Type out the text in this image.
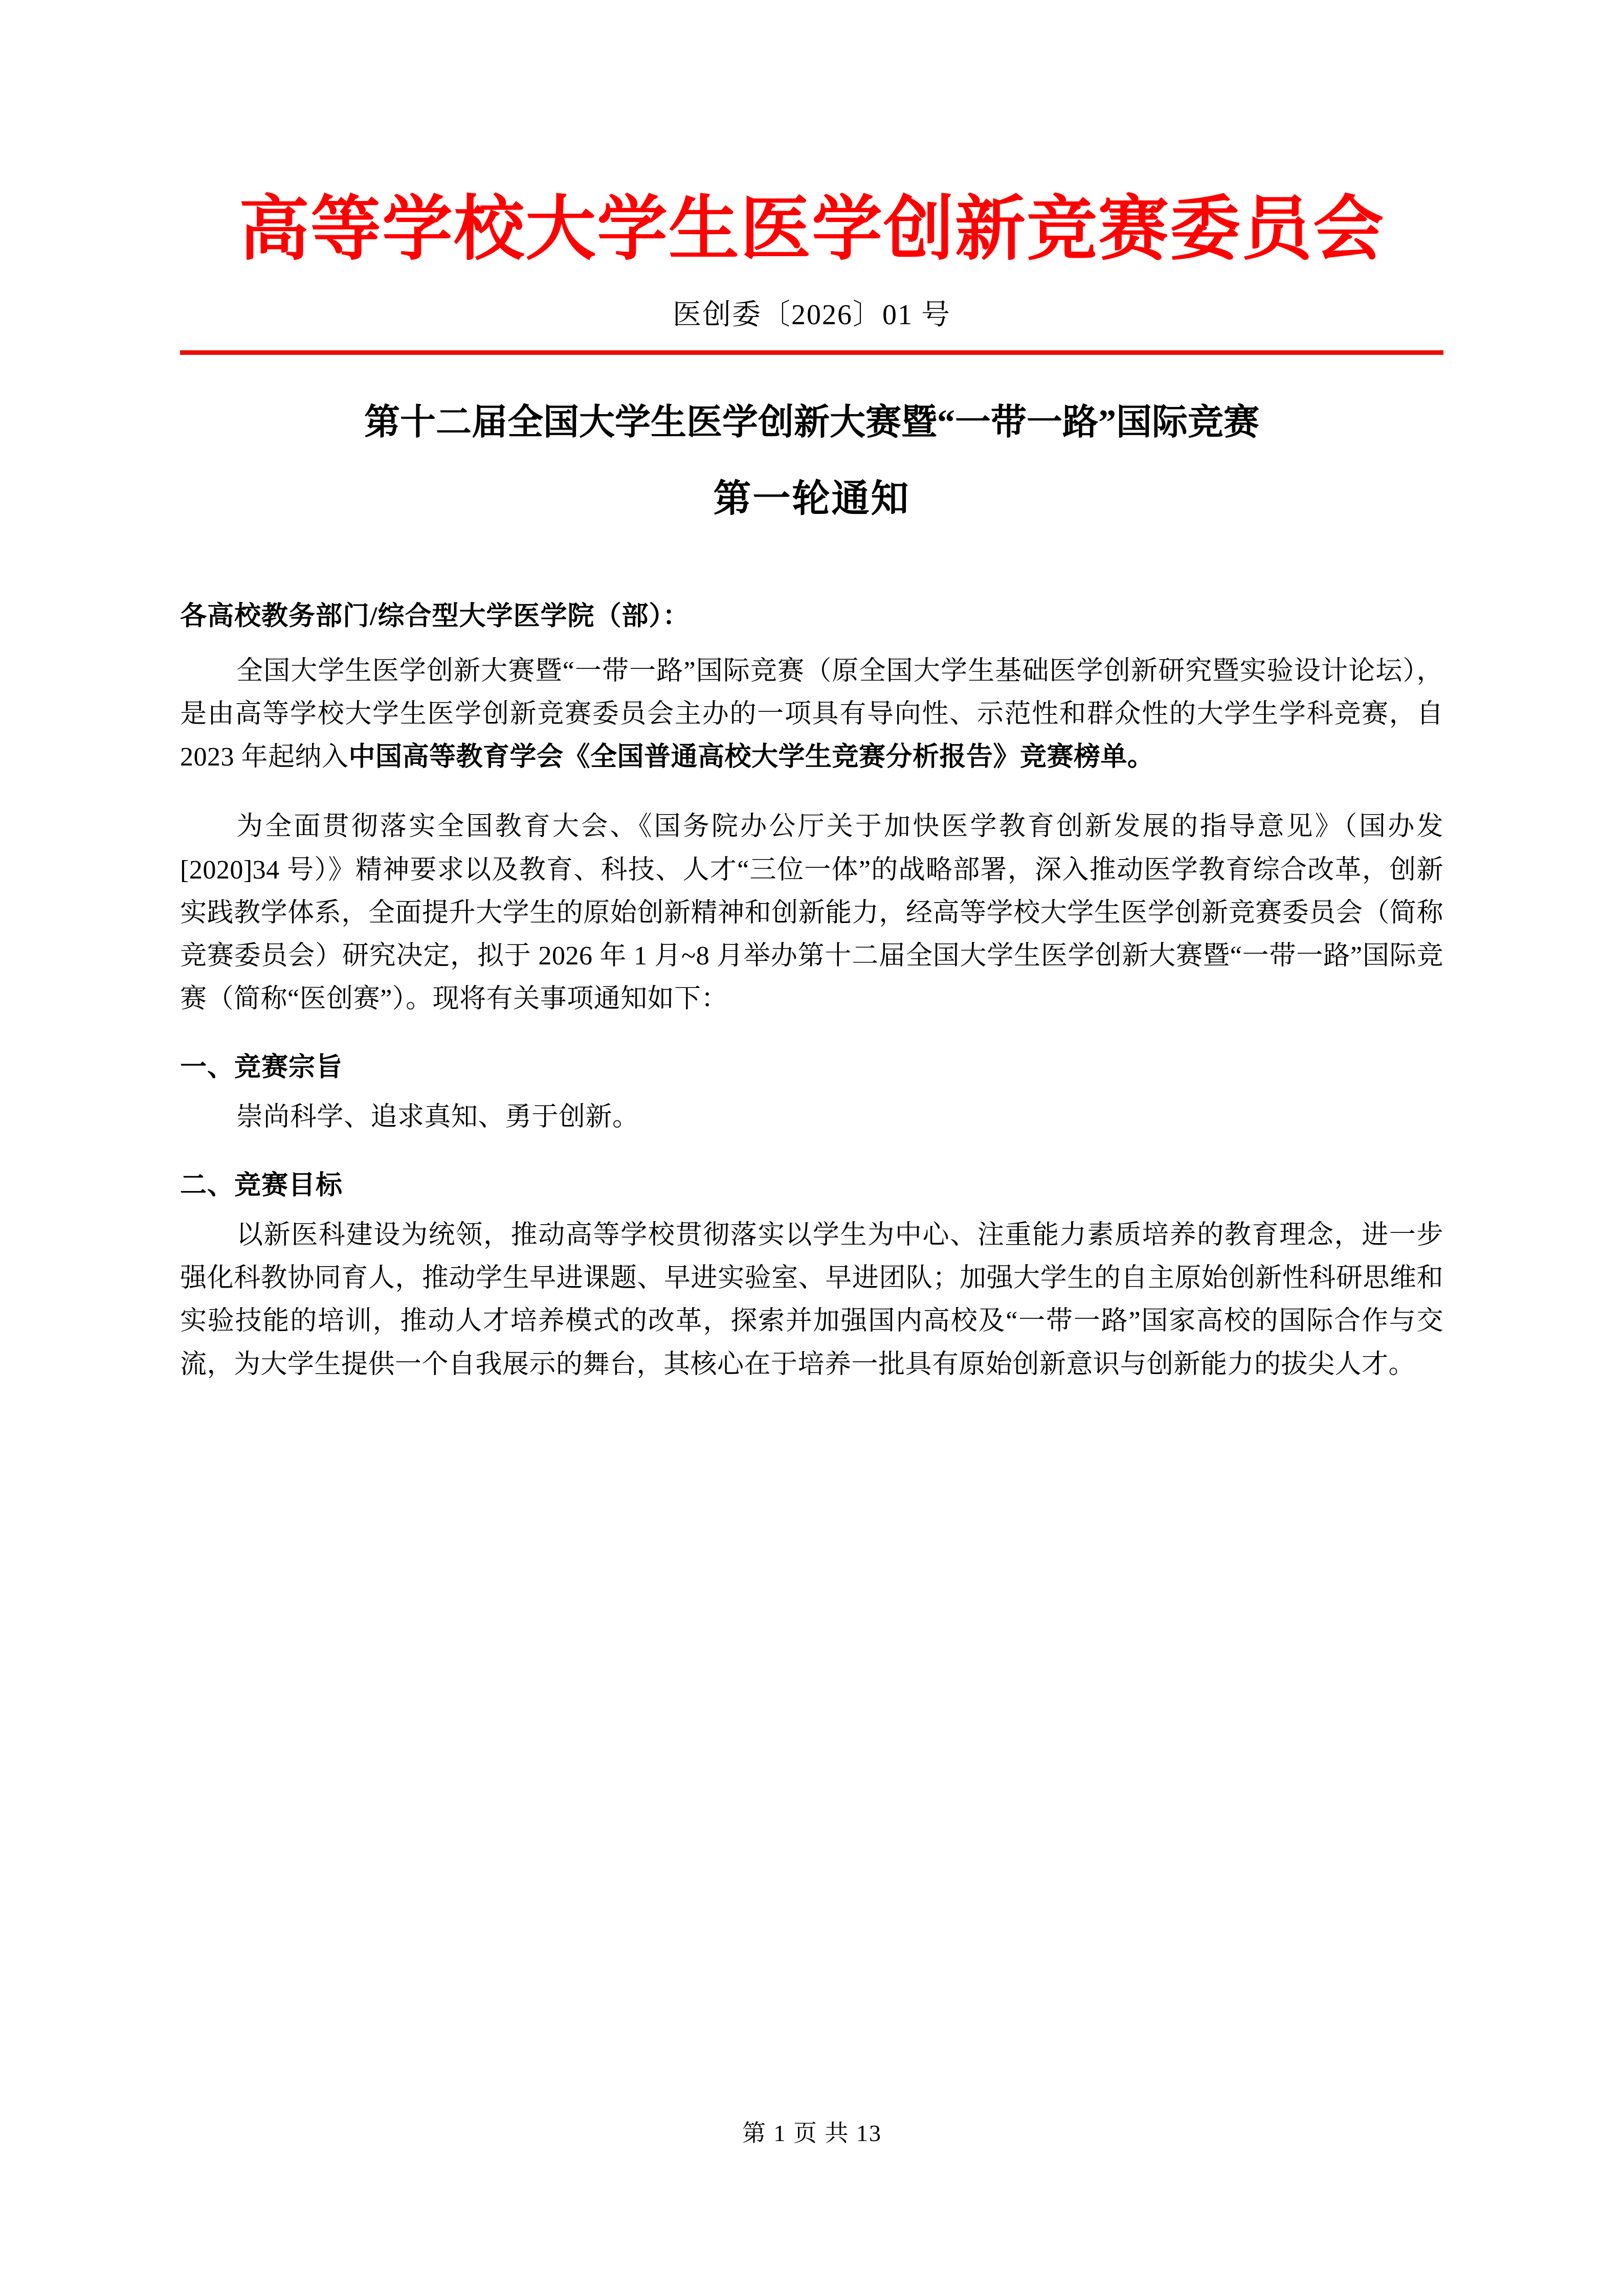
高等学校大学生医学创新竞赛委员会
医创委〔2026〕01 号
第十二届全国大学生医学创新大赛暨“一带一路”国际竞赛
第一轮通知
各高校教务部门/综合型大学医学院（部）：

全国大学生医学创新大赛暨“一带一路”国际竞赛（原全国大学生基础医学创新研究暨实验设计论坛），是由高等学校大学生医学创新竞赛委员会主办的一项具有导向性、示范性和群众性的大学生学科竞赛，自 2023 年起纳入中国高等教育学会《全国普通高校大学生竞赛分析报告》竞赛榜单。

为全面贯彻落实全国教育大会、《国务院办公厅关于加快医学教育创新发展的指导意见》（国办发[2020]34 号）》精神要求以及教育、科技、人才“三位一体”的战略部署，深入推动医学教育综合改革，创新实践教学体系，全面提升大学生的原始创新精神和创新能力，经高等学校大学生医学创新竞赛委员会（简称竞赛委员会）研究决定，拟于 2026 年 1 月~8 月举办第十二届全国大学生医学创新大赛暨“一带一路”国际竞赛（简称“医创赛”）。现将有关事项通知如下：

一、竞赛宗旨

崇尚科学、追求真知、勇于创新。

二、竞赛目标

以新医科建设为统领，推动高等学校贯彻落实以学生为中心、注重能力素质培养的教育理念，进一步强化科教协同育人，推动学生早进课题、早进实验室、早进团队；加强大学生的自主原始创新性科研思维和实验技能的培训，推动人才培养模式的改革，探索并加强国内高校及“一带一路”国家高校的国际合作与交流，为大学生提供一个自我展示的舞台，其核心在于培养一批具有原始创新意识与创新能力的拔尖人才。

第 1 页 共 13
